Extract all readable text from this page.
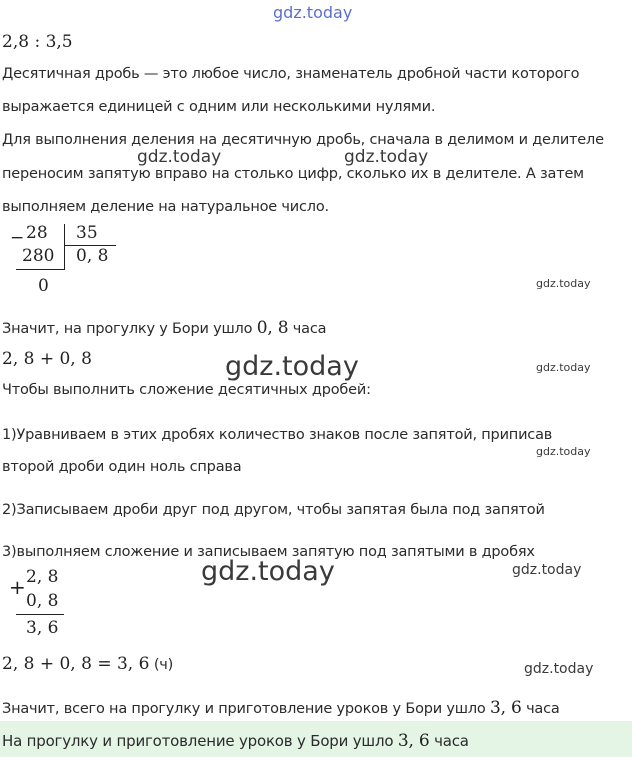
gdz.today
2,8 : 3,5
Десятичная дробь — это любое число, знаменатель дробной части которого
выражается единицей с одним или несколькими нулями.
Для выполнения деления на десятичную дробь, сначала в делимом и делителе
gdz.today	gdz.today
переносим запятую вправо на столько цифр, сколько их в делителе. А затем
выполняем деление на натуральное число.
− 28 35
280 0, 8
0	gdz.today
Значит, на прогулку у Бори ушло 0, 8 часа
2, 8 + 0, 8	gdz.today	gdz.today
Чтобы выполнить сложение десятичных дробей:
1)Уравниваем в этих дробях количество знаков после запятой, приписав
gdz.today
второй дроби один ноль справа
2)Записываем дроби друг под другом, чтобы запятая была под запятой
3)выполняем сложение и записываем запятую под запятыми в дробях
+ 2, 8
0, 8
3, 6
gdz.today	gdz.today
2, 8 + 0, 8 = 3, 6 (ч)	gdz.today
Значит, всего на прогулку и приготовление уроков у Бори ушло 3, 6 часа
На прогулку и приготовление уроков у Бори ушло 3, 6 часа
